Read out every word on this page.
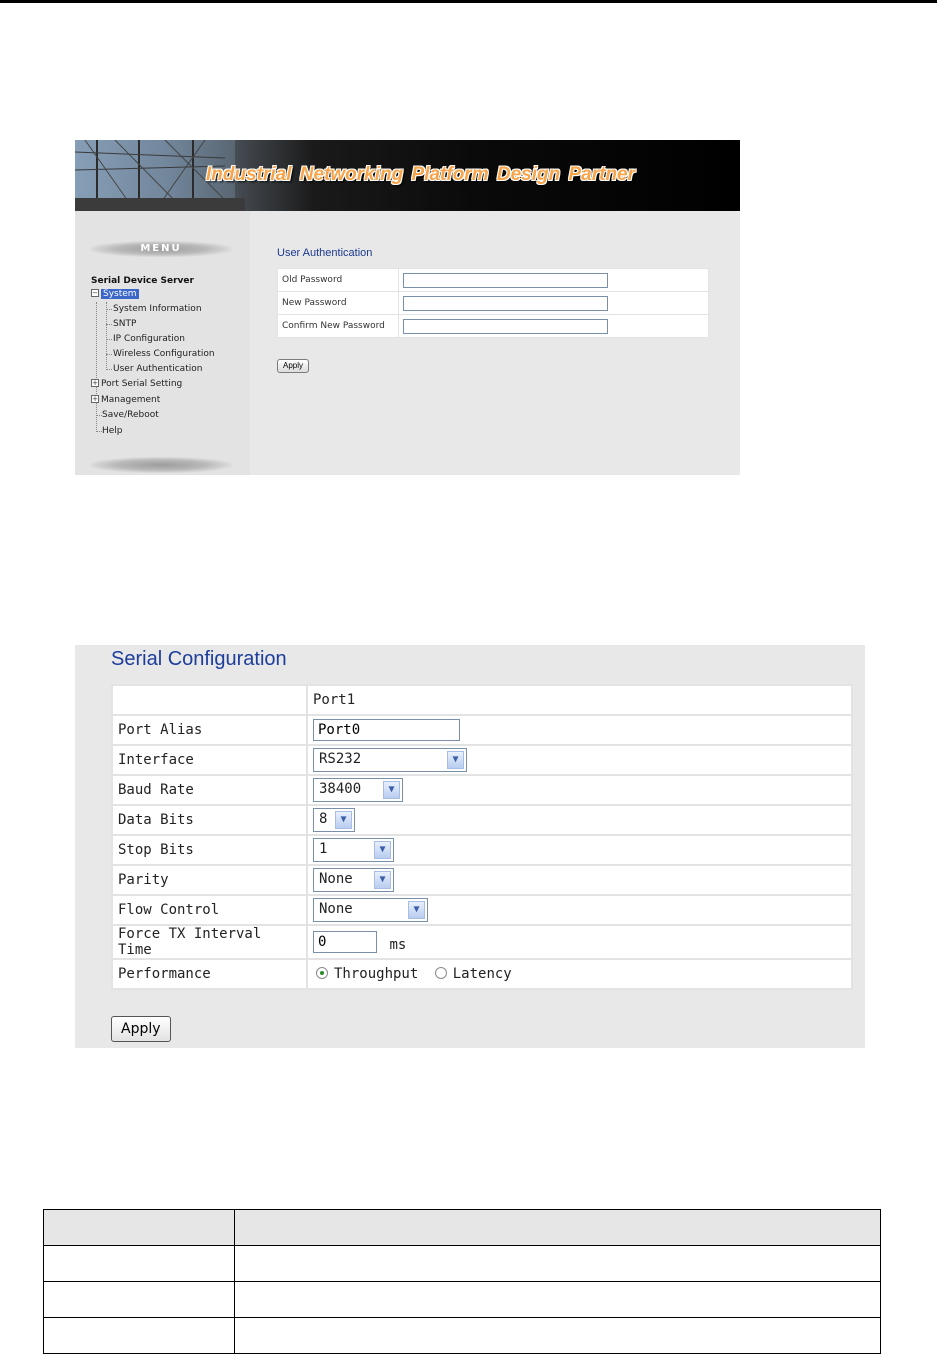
Industrial Networking Platform Design Partner
MENU
Serial Device Server
− System
System Information
SNTP
IP Configuration
Wireless Configuration
User Authentication
+ Port Serial Setting
+ Management
Save/Reboot
Help
User Authentication
Old Password	
New Password	
Confirm New Password	
Apply
Serial Configuration
	Port1
Port Alias	Port0
Interface	RS232 ▼

Baud Rate	38400 ▼

Data Bits	8 ▼

Stop Bits	1 ▼

Parity	None ▼

Flow Control	None ▼

Force TX Interval Time	0ms
Performance	Throughput Latency
Apply
